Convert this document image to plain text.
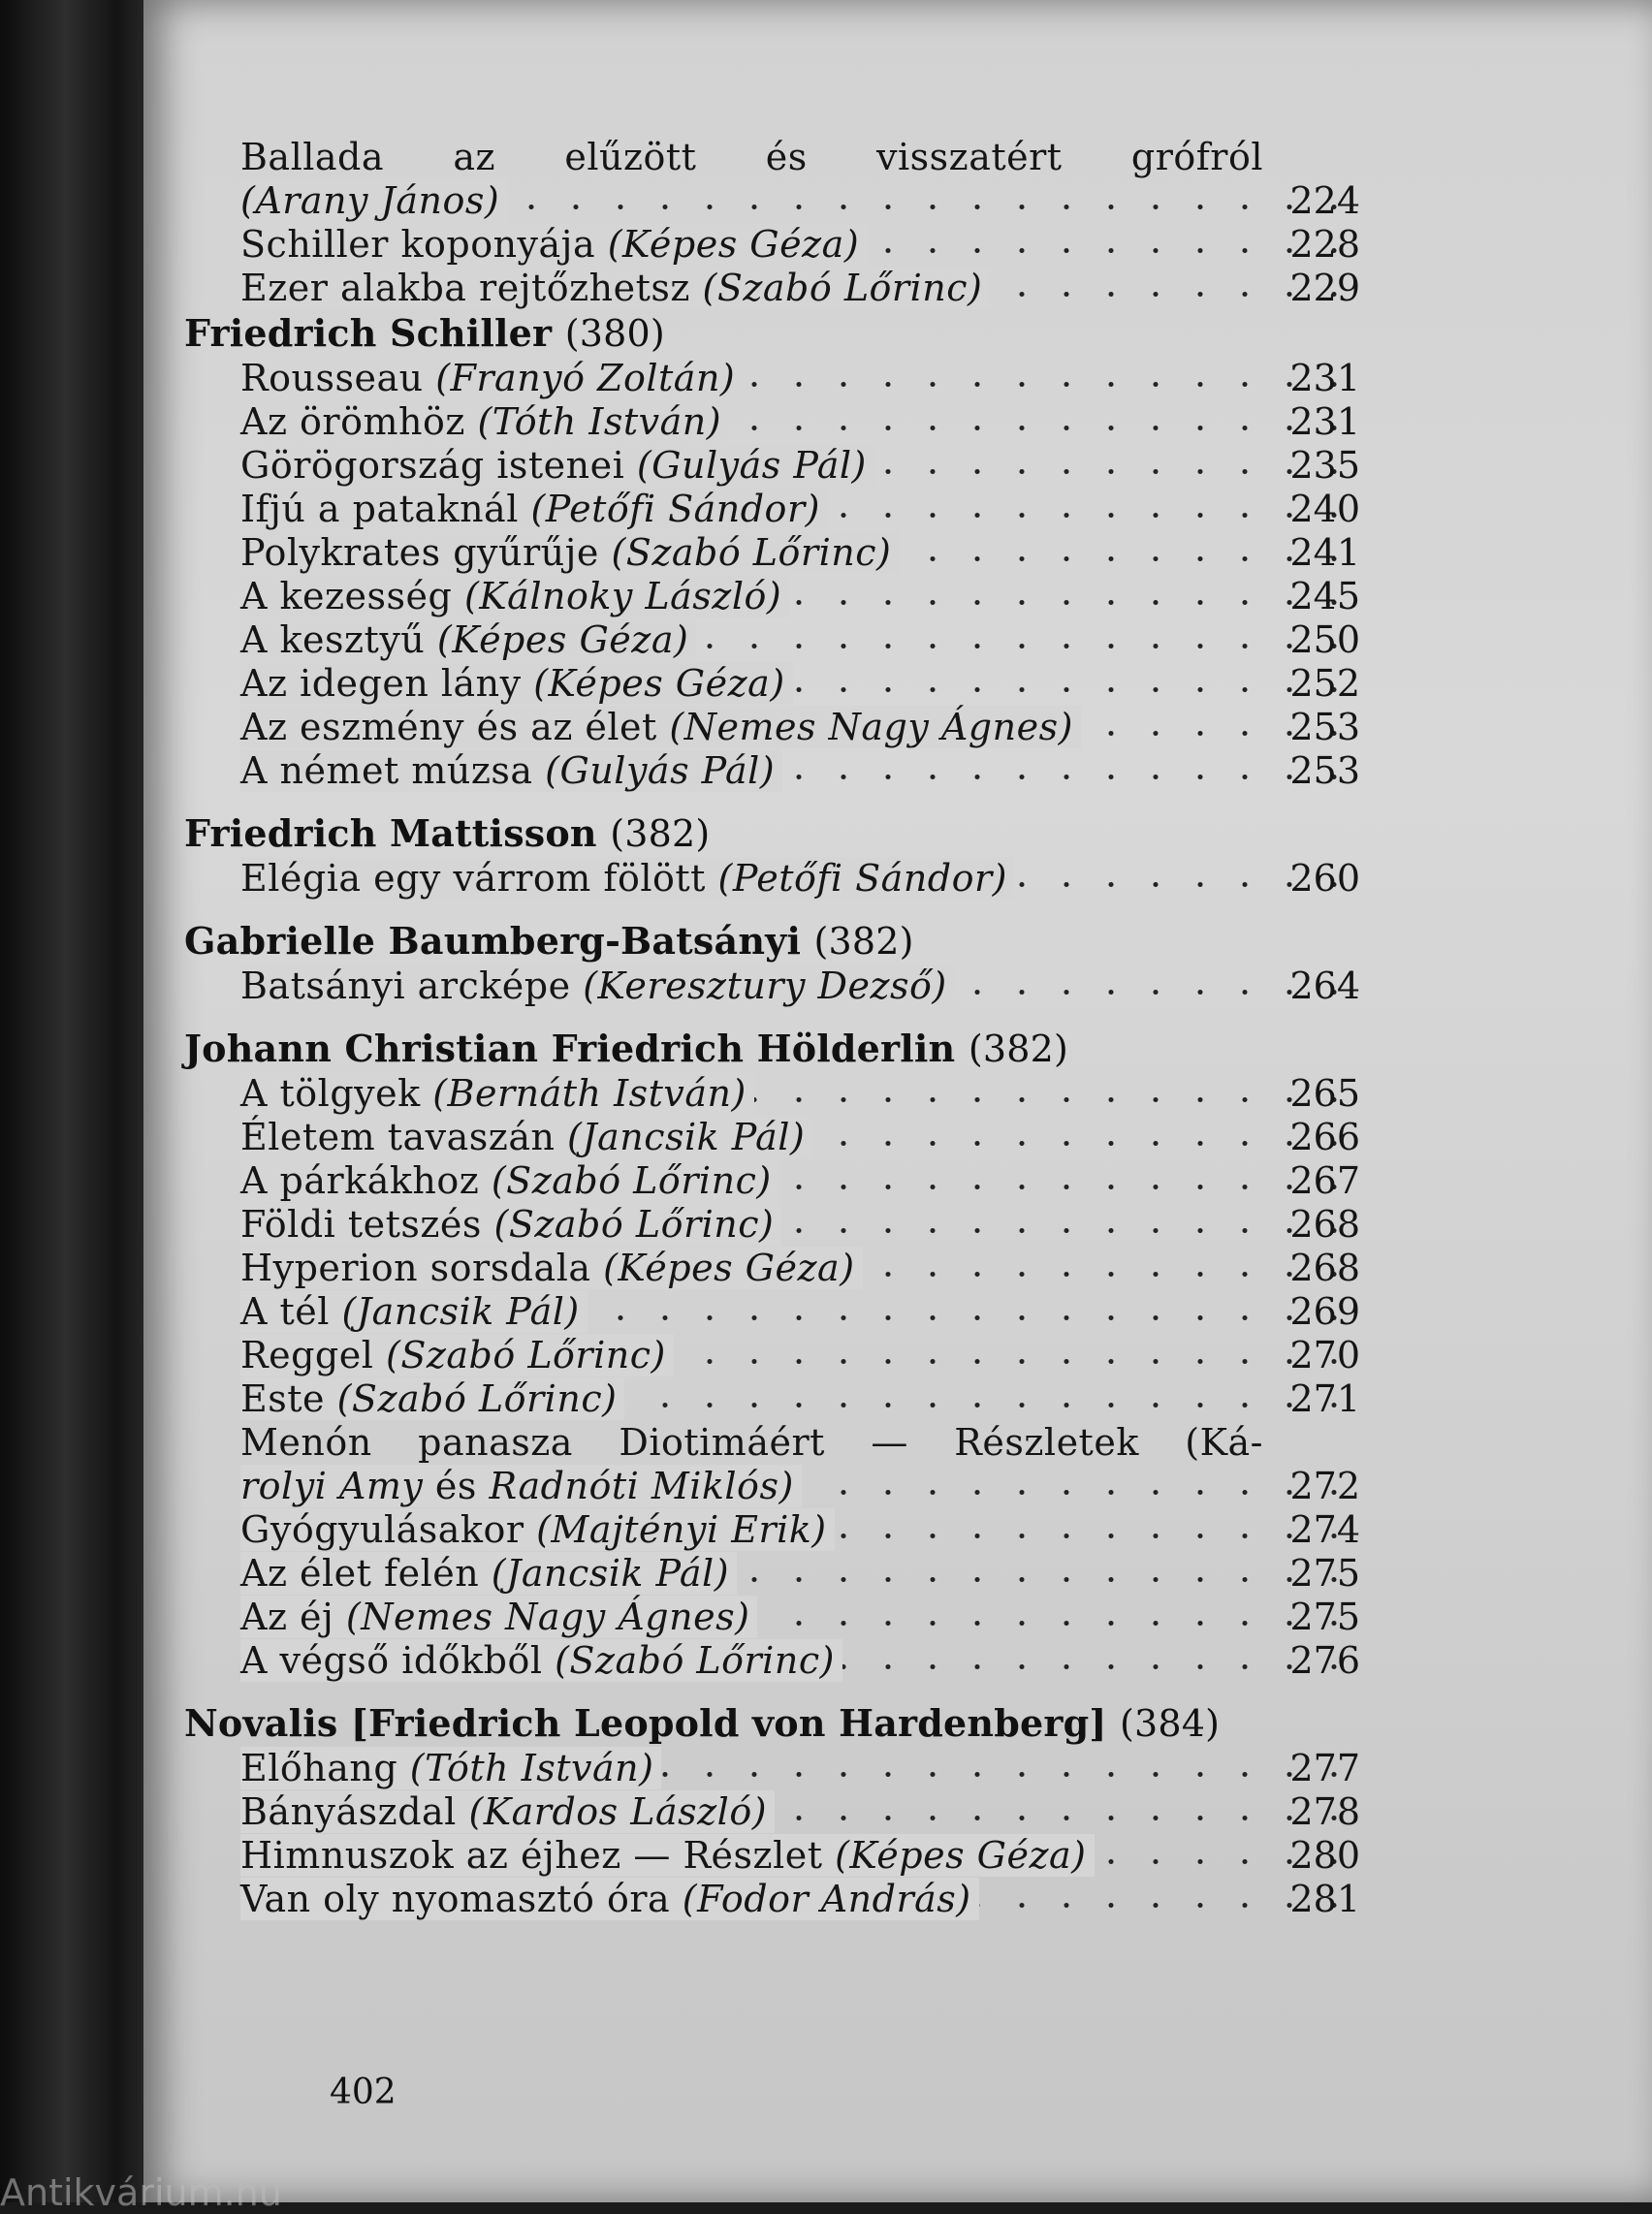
Ballada az elűzött és visszatért grófról
(Arany János)	224
Schiller koponyája (Képes Géza)	228
Ezer alakba rejtőzhetsz (Szabó Lőrinc)	229
Friedrich Schiller (380)
Rousseau (Franyó Zoltán)	231
Az örömhöz (Tóth István)	231
Görögország istenei (Gulyás Pál)	235
Ifjú a pataknál (Petőfi Sándor)	240
Polykrates gyűrűje (Szabó Lőrinc)	241
A kezesség (Kálnoky László)	245
A kesztyű (Képes Géza)	250
Az idegen lány (Képes Géza)	252
Az eszmény és az élet (Nemes Nagy Ágnes)	253
A német múzsa (Gulyás Pál)	253
Friedrich Mattisson (382)
Elégia egy várrom fölött (Petőfi Sándor)	260
Gabrielle Baumberg-Batsányi (382)
Batsányi arcképe (Keresztury Dezső)	264
Johann Christian Friedrich Hölderlin (382)
A tölgyek (Bernáth István)	265
Életem tavaszán (Jancsik Pál)	266
A párkákhoz (Szabó Lőrinc)	267
Földi tetszés (Szabó Lőrinc)	268
Hyperion sorsdala (Képes Géza)	268
A tél (Jancsik Pál)	269
Reggel (Szabó Lőrinc)	270
Este (Szabó Lőrinc)	271
Menón panasza Diotimáért — Részletek (Ká-
rolyi Amy és Radnóti Miklós)	272
Gyógyulásakor (Majtényi Erik)	274
Az élet felén (Jancsik Pál)	275
Az éj (Nemes Nagy Ágnes)	275
A végső időkből (Szabó Lőrinc)	276
Novalis [Friedrich Leopold von Hardenberg] (384)
Előhang (Tóth István)	277
Bányászdal (Kardos László)	278
Himnuszok az éjhez — Részlet (Képes Géza)	280
Van oly nyomasztó óra (Fodor András)	281
402
Antikvárium.hu
